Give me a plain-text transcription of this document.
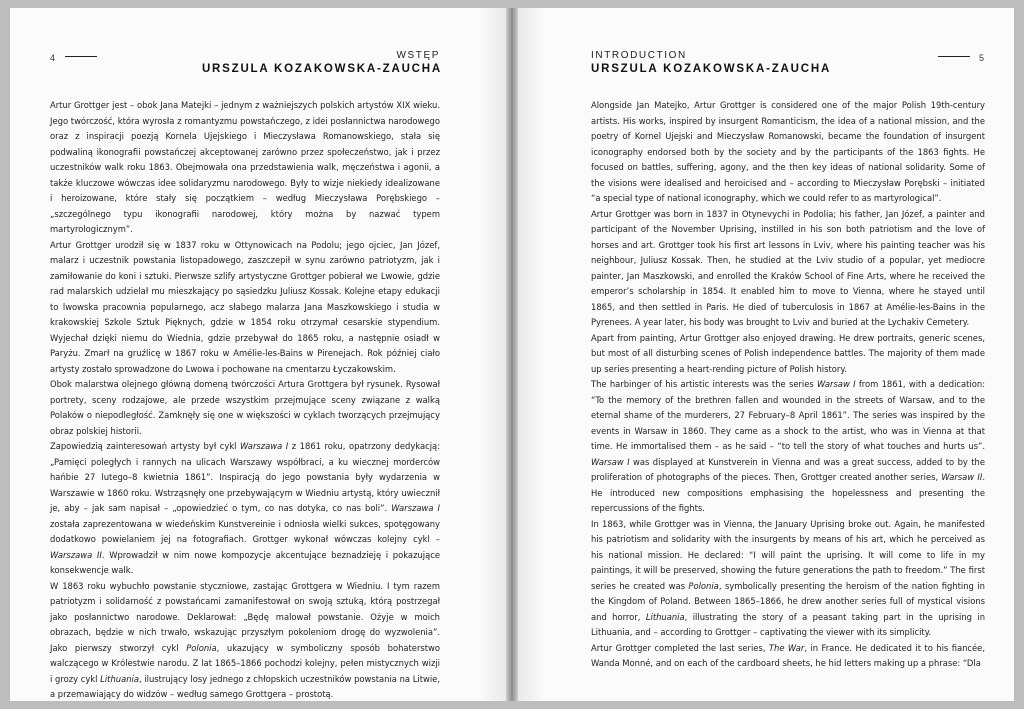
4	WSTĘP
URSZULA KOZAKOWSKA-ZAUCHA

Artur Grottger jest – obok Jana Matejki – jednym z ważniejszych polskich artystów XIX wieku. Jego twórczość, która wyrosła z romantyzmu powstańczego, z idei posłannictwa narodowego oraz z inspiracji poezją Kornela Ujejskiego i Mieczysława Romanowskiego, stała się podwaliną ikonografii powstańczej akceptowanej zarówno przez społeczeństwo, jak i przez uczestników walk roku 1863. Obejmowała ona przedstawienia walk, męczeństwa i agonii, a także kluczowe wówczas idee solidaryzmu narodowego. Były to wizje niekiedy idealizowane i heroizowane, które stały się początkiem – według Mieczysława Porębskiego – „szczególnego typu ikonografii narodowej, który można by nazwać typem martyrologicznym”.

Artur Grottger urodził się w 1837 roku w Ottynowicach na Podolu; jego ojciec, Jan Józef, malarz i uczestnik powstania listopadowego, zaszczepił w synu zarówno patriotyzm, jak i zamiłowanie do koni i sztuki. Pierwsze szlify artystyczne Grottger pobierał we Lwowie, gdzie rad malarskich udzielał mu mieszkający po sąsiedzku Juliusz Kossak. Kolejne etapy edukacji to lwowska pracownia popularnego, acz słabego malarza Jana Maszkowskiego i studia w krakowskiej Szkole Sztuk Pięknych, gdzie w 1854 roku otrzymał cesarskie stypendium. Wyjechał dzięki niemu do Wiednia, gdzie przebywał do 1865 roku, a następnie osiadł w Paryżu. Zmarł na gruźlicę w 1867 roku w Amélie-les-Bains w Pirenejach. Rok później ciało artysty zostało sprowadzone do Lwowa i pochowane na cmentarzu Łyczakowskim.

Obok malarstwa olejnego główną domeną twórczości Artura Grottgera był rysunek. Rysował portrety, sceny rodzajowe, ale przede wszystkim przejmujące sceny związane z walką Polaków o niepodległość. Zamknęły się one w większości w cyklach tworzących przejmujący obraz polskiej historii.

Zapowiedzią zainteresowań artysty był cykl Warszawa I z 1861 roku, opatrzony dedykacją: „Pamięci poległych i rannych na ulicach Warszawy współbraci, a ku wiecznej morderców hańbie 27 lutego–8 kwietnia 1861”. Inspiracją do jego powstania były wydarzenia w Warszawie w 1860 roku. Wstrząsnęły one przebywającym w Wiedniu artystą, który uwiecznił je, aby – jak sam napisał – „opowiedzieć o tym, co nas dotyka, co nas boli”. Warszawa I została zaprezentowana w wiedeńskim Kunstvereinie i odniosła wielki sukces, spotęgowany dodatkowo powielaniem jej na fotografiach. Grottger wykonał wówczas kolejny cykl – Warszawa II. Wprowadził w nim nowe kompozycje akcentujące beznadzieję i pokazujące konsekwencje walk.

W 1863 roku wybuchło powstanie styczniowe, zastając Grottgera w Wiedniu. I tym razem patriotyzm i solidarność z powstańcami zamanifestował on swoją sztuką, którą postrzegał jako posłannictwo narodowe. Deklarował: „Będę malował powstanie. Ożyje w moich obrazach, będzie w nich trwało, wskazując przyszłym pokoleniom drogę do wyzwolenia”. Jako pierwszy stworzył cykl Polonia, ukazujący w symboliczny sposób bohaterstwo walczącego w Królestwie narodu. Z lat 1865–1866 pochodzi kolejny, pełen mistycznych wizji i grozy cykl Lithuania, ilustrujący losy jednego z chłopskich uczestników powstania na Litwie, a przemawiający do widzów – według samego Grottgera – prostotą.

INTRODUCTION
URSZULA KOZAKOWSKA-ZAUCHA
5

Alongside Jan Matejko, Artur Grottger is considered one of the major Polish 19th-century artists. His works, inspired by insurgent Romanticism, the idea of a national mission, and the poetry of Kornel Ujejski and Mieczysław Romanowski, became the foundation of insurgent iconography endorsed both by the society and by the participants of the 1863 fights. He focused on battles, suffering, agony, and the then key ideas of national solidarity. Some of the visions were idealised and heroicised and – according to Mieczysław Porębski – initiated “a special type of national iconography, which we could refer to as martyrological”.

Artur Grottger was born in 1837 in Otynevychi in Podolia; his father, Jan Józef, a painter and participant of the November Uprising, instilled in his son both patriotism and the love of horses and art. Grottger took his first art lessons in Lviv, where his painting teacher was his neighbour, Juliusz Kossak. Then, he studied at the Lviv studio of a popular, yet mediocre painter, Jan Maszkowski, and enrolled the Kraków School of Fine Arts, where he received the emperor’s scholarship in 1854. It enabled him to move to Vienna, where he stayed until 1865, and then settled in Paris. He died of tuberculosis in 1867 at Amélie-les-Bains in the Pyrenees. A year later, his body was brought to Lviv and buried at the Lychakiv Cemetery.

Apart from painting, Artur Grottger also enjoyed drawing. He drew portraits, generic scenes, but most of all disturbing scenes of Polish independence battles. The majority of them made up series presenting a heart-rending picture of Polish history.

The harbinger of his artistic interests was the series Warsaw I from 1861, with a dedication: “To the memory of the brethren fallen and wounded in the streets of Warsaw, and to the eternal shame of the murderers, 27 February–8 April 1861”. The series was inspired by the events in Warsaw in 1860. They came as a shock to the artist, who was in Vienna at that time. He immortalised them – as he said – “to tell the story of what touches and hurts us”. Warsaw I was displayed at Kunstverein in Vienna and was a great success, added to by the proliferation of photographs of the pieces. Then, Grottger created another series, Warsaw II. He introduced new compositions emphasising the hopelessness and presenting the repercussions of the fights.

In 1863, while Grottger was in Vienna, the January Uprising broke out. Again, he manifested his patriotism and solidarity with the insurgents by means of his art, which he perceived as his national mission. He declared: “I will paint the uprising. It will come to life in my paintings, it will be preserved, showing the future generations the path to freedom.” The first series he created was Polonia, symbolically presenting the heroism of the nation fighting in the Kingdom of Poland. Between 1865–1866, he drew another series full of mystical visions and horror, Lithuania, illustrating the story of a peasant taking part in the uprising in Lithuania, and – according to Grottger – captivating the viewer with its simplicity.

Artur Grottger completed the last series, The War, in France. He dedicated it to his fiancée, Wanda Monné, and on each of the cardboard sheets, he hid letters making up a phrase: “Dla
